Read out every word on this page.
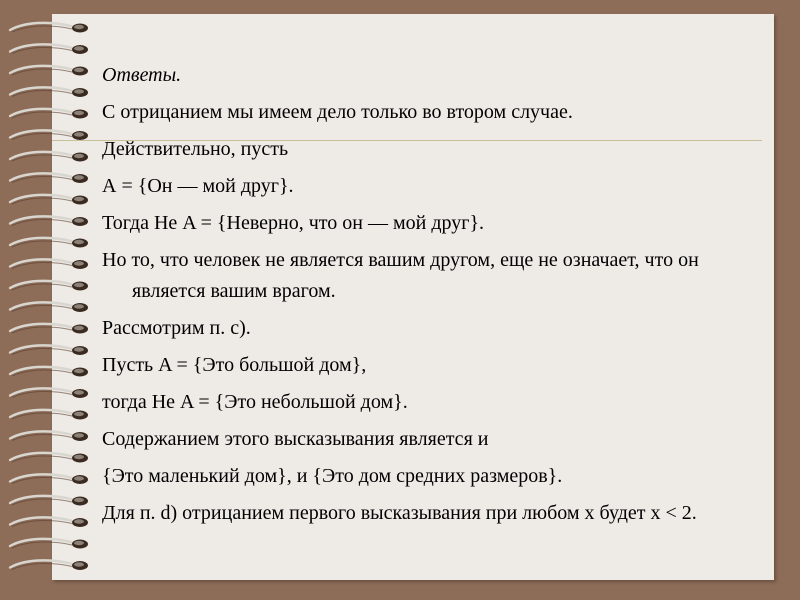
Ответы.

С отрицанием мы имеем дело только во втором случае.

Действительно, пусть

А = {Он — мой друг}.

Тогда Не A = {Неверно, что он — мой друг}.

Но то, что человек не является вашим другом, еще не означает, что он является вашим врагом.

Рассмотрим п. с).

Пусть A = {Это большой дом},

тогда Не A = {Это небольшой дом}.

Содержанием этого высказывания является и

{Это маленький дом}, и {Это дом средних размеров}.

Для п. d) отрицанием первого высказывания при любом x будет x < 2.
